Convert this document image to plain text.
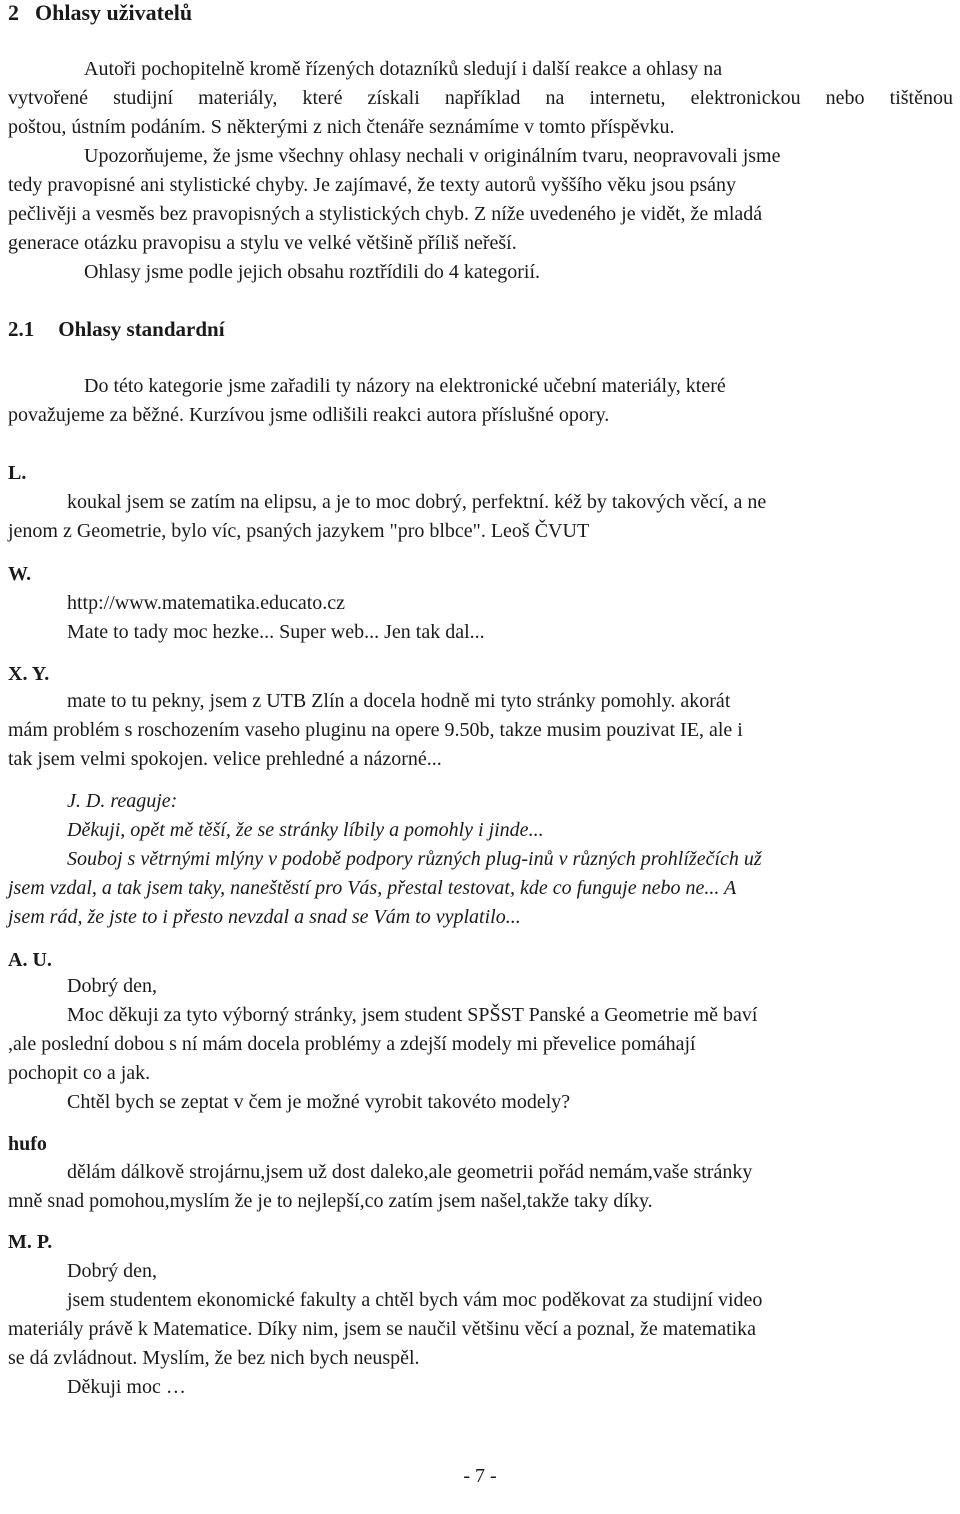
2 Ohlasy uživatelů
Autoři pochopitelně kromě řízených dotazníků sledují i další reakce a ohlasy na
vytvořené studijní materiály, které získali například na internetu, elektronickou nebo tištěnou
poštou, ústním podáním. S některými z nich čtenáře seznámíme v tomto příspěvku.
Upozorňujeme, že jsme všechny ohlasy nechali v originálním tvaru, neopravovali jsme
tedy pravopisné ani stylistické chyby. Je zajímavé, že texty autorů vyššího věku jsou psány
pečlivěji a vesměs bez pravopisných a stylistických chyb. Z níže uvedeného je vidět, že mladá
generace otázku pravopisu a stylu ve velké většině příliš neřeší.
Ohlasy jsme podle jejich obsahu roztřídili do 4 kategorií.
2.1 Ohlasy standardní
Do této kategorie jsme zařadili ty názory na elektronické učební materiály, které
považujeme za běžné. Kurzívou jsme odlišili reakci autora příslušné opory.
L.
koukal jsem se zatím na elipsu, a je to moc dobrý, perfektní. kéž by takových věcí, a ne
jenom z Geometrie, bylo víc, psaných jazykem "pro blbce". Leoš ČVUT
W.
http://www.matematika.educato.cz
Mate to tady moc hezke... Super web... Jen tak dal...
X. Y.
mate to tu pekny, jsem z UTB Zlín a docela hodně mi tyto stránky pomohly. akorát
mám problém s roschozením vaseho pluginu na opere 9.50b, takze musim pouzivat IE, ale i
tak jsem velmi spokojen. velice prehledné a názorné...
J. D. reaguje:
Děkuji, opět mě těší, že se stránky líbily a pomohly i jinde...
Souboj s větrnými mlýny v podobě podpory různých plug-inů v různých prohlížečích už
jsem vzdal, a tak jsem taky, naneštěstí pro Vás, přestal testovat, kde co funguje nebo ne... A
jsem rád, že jste to i přesto nevzdal a snad se Vám to vyplatilo...
A. U.
Dobrý den,
Moc děkuji za tyto výborný stránky, jsem student SPŠST Panské a Geometrie mě baví
,ale poslední dobou s ní mám docela problémy a zdejší modely mi převelice pomáhají
pochopit co a jak.
Chtěl bych se zeptat v čem je možné vyrobit takovéto modely?
hufo
dělám dálkově strojárnu,jsem už dost daleko,ale geometrii pořád nemám,vaše stránky
mně snad pomohou,myslím že je to nejlepší,co zatím jsem našel,takže taky díky.
M. P.
Dobrý den,
jsem studentem ekonomické fakulty a chtěl bych vám moc poděkovat za studijní video
materiály právě k Matematice. Díky nim, jsem se naučil většinu věcí a poznal, že matematika
se dá zvládnout. Myslím, že bez nich bych neuspěl.
Děkuji moc …
- 7 -
